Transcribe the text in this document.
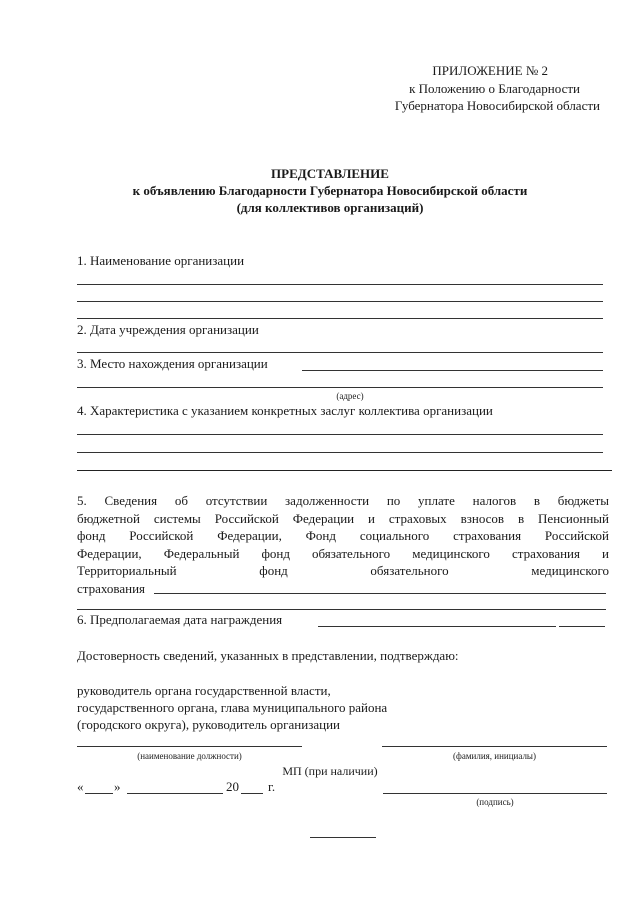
ПРИЛОЖЕНИЕ № 2
к Положению о Благодарности
Губернатора Новосибирской области
ПРЕДСТАВЛЕНИЕ
к объявлению Благодарности Губернатора Новосибирской области
(для коллективов организаций)
1. Наименование организации
2. Дата учреждения организации
3. Место нахождения организации
(адрес)
4. Характеристика с указанием конкретных заслуг коллектива организации
5. Сведения об отсутствии задолженности по уплате налогов в бюджеты
бюджетной системы Российской Федерации и страховых взносов в Пенсионный
фонд Российской Федерации, Фонд социального страхования Российской
Федерации, Федеральный фонд обязательного медицинского страхования и
Территориальный фонд обязательного медицинского
страхования
6. Предполагаемая дата награждения
Достоверность сведений, указанных в представлении, подтверждаю:
руководитель органа государственной власти,
государственного органа, глава муниципального района
(городского округа), руководитель организации
(наименование должности)	(фамилия, инициалы)
МП (при наличии)
« »	20 г.
(подпись)
